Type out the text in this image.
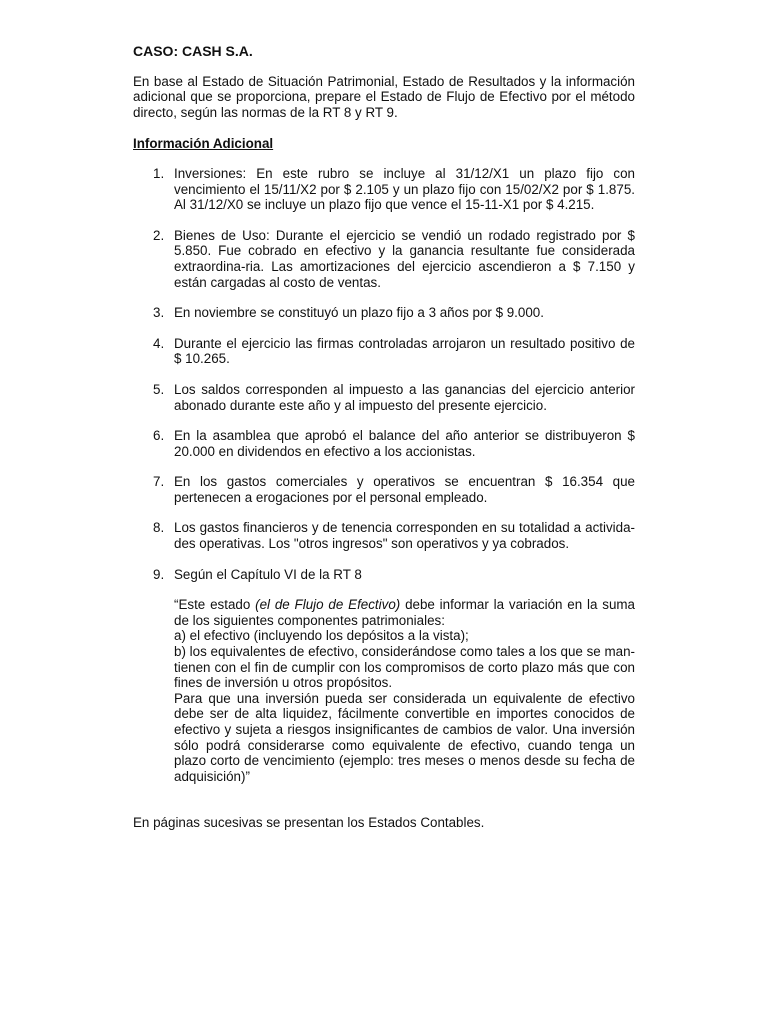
CASO: CASH S.A.
En base al Estado de Situación Patrimonial, Estado de Resultados y la información adicional que se proporciona, prepare el Estado de Flujo de Efectivo por el método directo, según las normas de la RT 8 y RT 9.
Información Adicional
1. Inversiones: En este rubro se incluye al 31/12/X1 un plazo fijo con vencimiento el 15/11/X2 por $ 2.105 y un plazo fijo con 15/02/X2 por $ 1.875. Al 31/12/X0 se incluye un plazo fijo que vence el 15-11-X1 por $ 4.215.
2. Bienes de Uso: Durante el ejercicio se vendió un rodado registrado por $ 5.850. Fue cobrado en efectivo y la ganancia resultante fue considerada extraordina-ria. Las amortizaciones del ejercicio ascendieron a $ 7.150 y están cargadas al costo de ventas.
3. En noviembre se constituyó un plazo fijo a 3 años por $ 9.000.
4. Durante el ejercicio las firmas controladas arrojaron un resultado positivo de $ 10.265.
5. Los saldos corresponden al impuesto a las ganancias del ejercicio anterior abonado durante este año y al impuesto del presente ejercicio.
6. En la asamblea que aprobó el balance del año anterior se distribuyeron $ 20.000 en dividendos en efectivo a los accionistas.
7. En los gastos comerciales y operativos se encuentran $ 16.354 que pertenecen a erogaciones por el personal empleado.
8. Los gastos financieros y de tenencia corresponden en su totalidad a activida-des operativas. Los "otros ingresos" son operativos y ya cobrados.
9. Según el Capítulo VI de la RT 8
“Este estado (el de Flujo de Efectivo) debe informar la variación en la suma de los siguientes componentes patrimoniales:
a) el efectivo (incluyendo los depósitos a la vista);
b) los equivalentes de efectivo, considerándose como tales a los que se man-tienen con el fin de cumplir con los compromisos de corto plazo más que con fines de inversión u otros propósitos.
Para que una inversión pueda ser considerada un equivalente de efectivo debe ser de alta liquidez, fácilmente convertible en importes conocidos de efectivo y sujeta a riesgos insignificantes de cambios de valor. Una inversión sólo podrá considerarse como equivalente de efectivo, cuando tenga un plazo corto de vencimiento (ejemplo: tres meses o menos desde su fecha de adquisición)”
En páginas sucesivas se presentan los Estados Contables.
